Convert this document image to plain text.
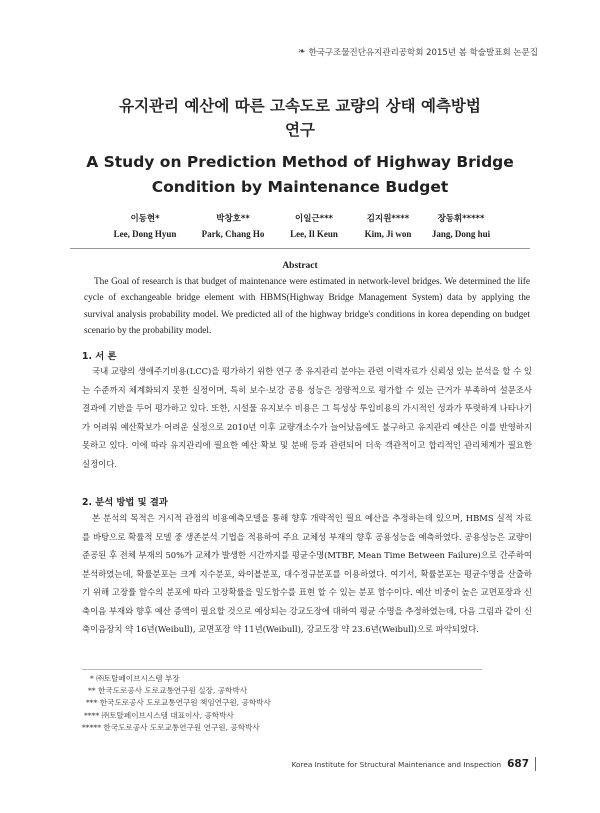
❧ 한국구조물진단유지관리공학회 2015년 봄 학술발표회 논문집
유지관리 예산에 따른 고속도로 교량의 상태 예측방법
연구
A Study on Prediction Method of Highway Bridge
Condition by Maintenance Budget
이동현*
Lee, Dong Hyun
박창호**
Park, Chang Ho
이일근***
Lee, Il Keun
김지원****
Kim, Ji won
장동휘*****
Jang, Dong hui
Abstract

The Goal of research is that budget of maintenance were estimated in network-level bridges. We determined the life cycle of exchangeable bridge element with HBMS(Highway Bridge Management System) data by applying the survival analysis probability model. We predicted all of the highway bridge's conditions in korea depending on budget scenario by the probability model.

1. 서 론

국내 교량의 생애주기비용(LCC)을 평가하기 위한 연구 중 유지관리 분야는 관련 이력자료가 신뢰성 있는 분석을 할 수 있는 수준까지 체계화되지 못한 실정이며, 특히 보수·보강 공용 성능은 정량적으로 평가할 수 있는 근거가 부족하여 설문조사 결과에 기반을 두어 평가하고 있다. 또한, 시설물 유지보수 비용은 그 특성상 투입비용의 가시적인 성과가 뚜렷하게 나타나기가 어려워 예산확보가 어려운 실정으로 2010년 이후 교량개소수가 늘어났음에도 불구하고 유지관리 예산은 이를 반영하지 못하고 있다. 이에 따라 유지관리에 필요한 예산 확보 및 분배 등과 관련되어 더욱 객관적이고 합리적인 관리체계가 필요한 실정이다.

2. 분석 방법 및 결과

본 분석의 목적은 거시적 관점의 비용예측모델을 통해 향후 개략적인 필요 예산을 추정하는데 있으며, HBMS 실적 자료를 바탕으로 확률적 모델 중 생존분석 기법을 적용하여 주요 교체성 부재의 향후 공용성능을 예측하였다. 공용성능은 교량이 준공된 후 전체 부재의 50%가 교체가 발생한 시간까지를 평균수명(MTBF, Mean Time Between Failure)으로 간주하여 분석하였는데, 확률분포는 크게 지수분포, 와이블분포, 대수정규분포를 이용하였다. 여기서, 확률분포는 평균수명을 산출하기 위해 고장률 함수의 분포에 따라 고장확률을 밀도함수를 표현 할 수 있는 분포 함수이다. 예산 비중이 높은 교면포장과 신축이음 부재와 향후 예산 증액이 필요할 것으로 예상되는 강교도장에 대하여 평균 수명을 추정하였는데, 다음 그림과 같이 신축이음장치 약 16년(Weibull), 교면포장 약 11년(Weibull), 강교도장 약 23.6년(Weibull)으로 파악되었다.

* ㈜토탈페이브시스템 부장
** 한국도로공사 도로교통연구원 실장, 공학박사
*** 한국도로공사 도로교통연구원 책임연구원, 공학박사
**** ㈜토탈페이브시스템 대표이사, 공학박사
***** 한국도로공사 도로교통연구원 연구원, 공학박사
Korea Institute for Structural Maintenance and Inspection 687
